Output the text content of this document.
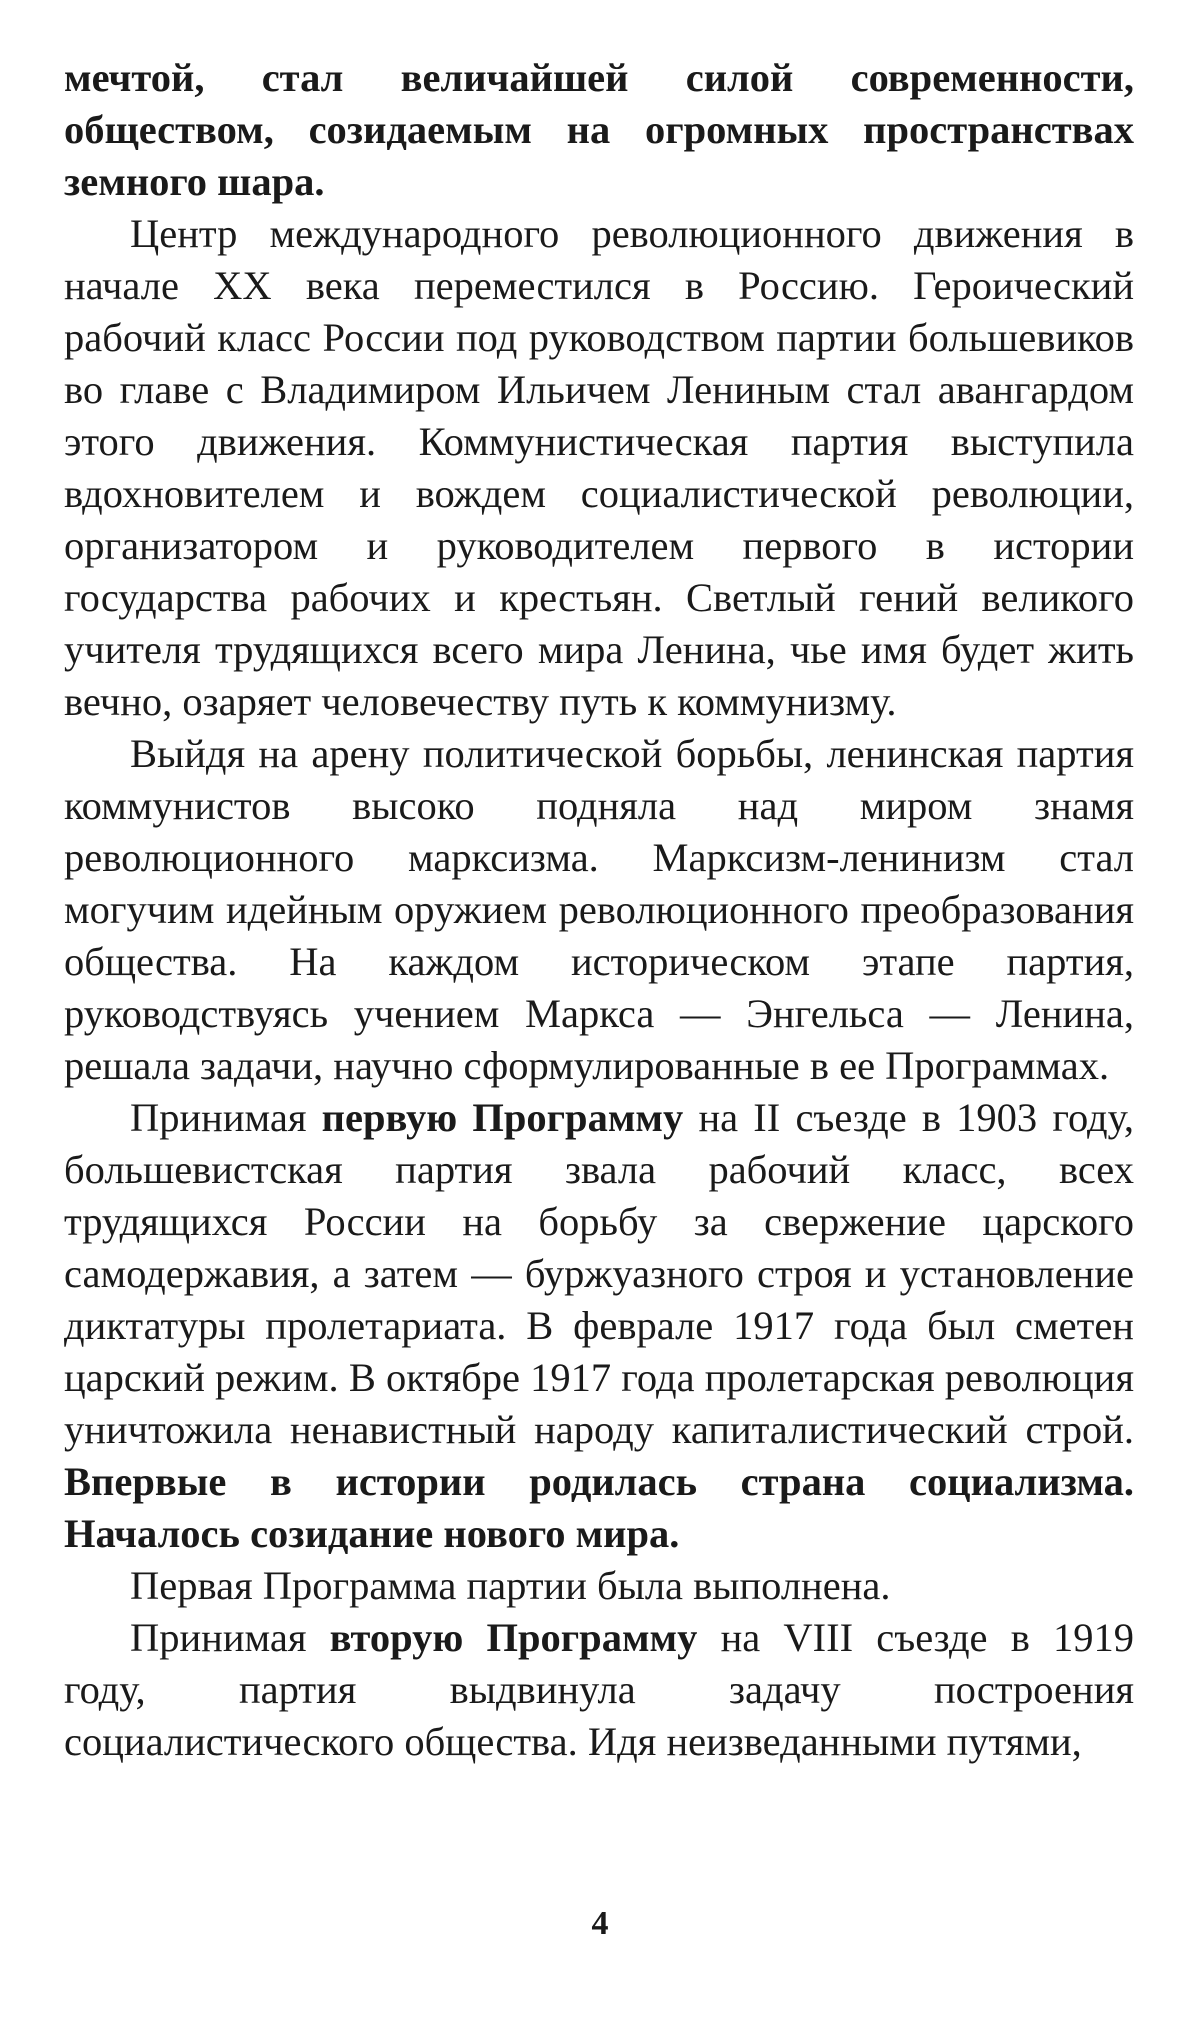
мечтой, стал величайшей силой современности, обществом, созидаемым на огромных пространствах земного шара.

Центр международного революционного движения в начале XX века переместился в Россию. Героический рабочий класс России под руководством партии большевиков во главе с Владимиром Ильичем Лениным стал авангардом этого движения. Коммунистическая партия выступила вдохновителем и вождем социалистической революции, организатором и руководителем первого в истории государства рабочих и крестьян. Светлый гений великого учителя трудящихся всего мира Ленина, чье имя будет жить вечно, озаряет человечеству путь к коммунизму.

Выйдя на арену политической борьбы, ленинская партия коммунистов высоко подняла над миром знамя революционного марксизма. Марксизм-ленинизм стал могучим идейным оружием революционного преобразования общества. На каждом историческом этапе партия, руководствуясь учением Маркса — Энгельса — Ленина, решала задачи, научно сформулированные в ее Программах.

Принимая первую Программу на II съезде в 1903 году, большевистская партия звала рабочий класс, всех трудящихся России на борьбу за свержение царского самодержавия, а затем — буржуазного строя и установление диктатуры пролетариата. В феврале 1917 года был сметен царский режим. В октябре 1917 года пролетарская революция уничтожила ненавистный народу капиталистический строй. Впервые в истории родилась страна социализма. Началось созидание нового мира.

Первая Программа партии была выполнена.

Принимая вторую Программу на VIII съезде в 1919 году, партия выдвинула задачу построения социалистического общества. Идя неизведанными путями,

4
